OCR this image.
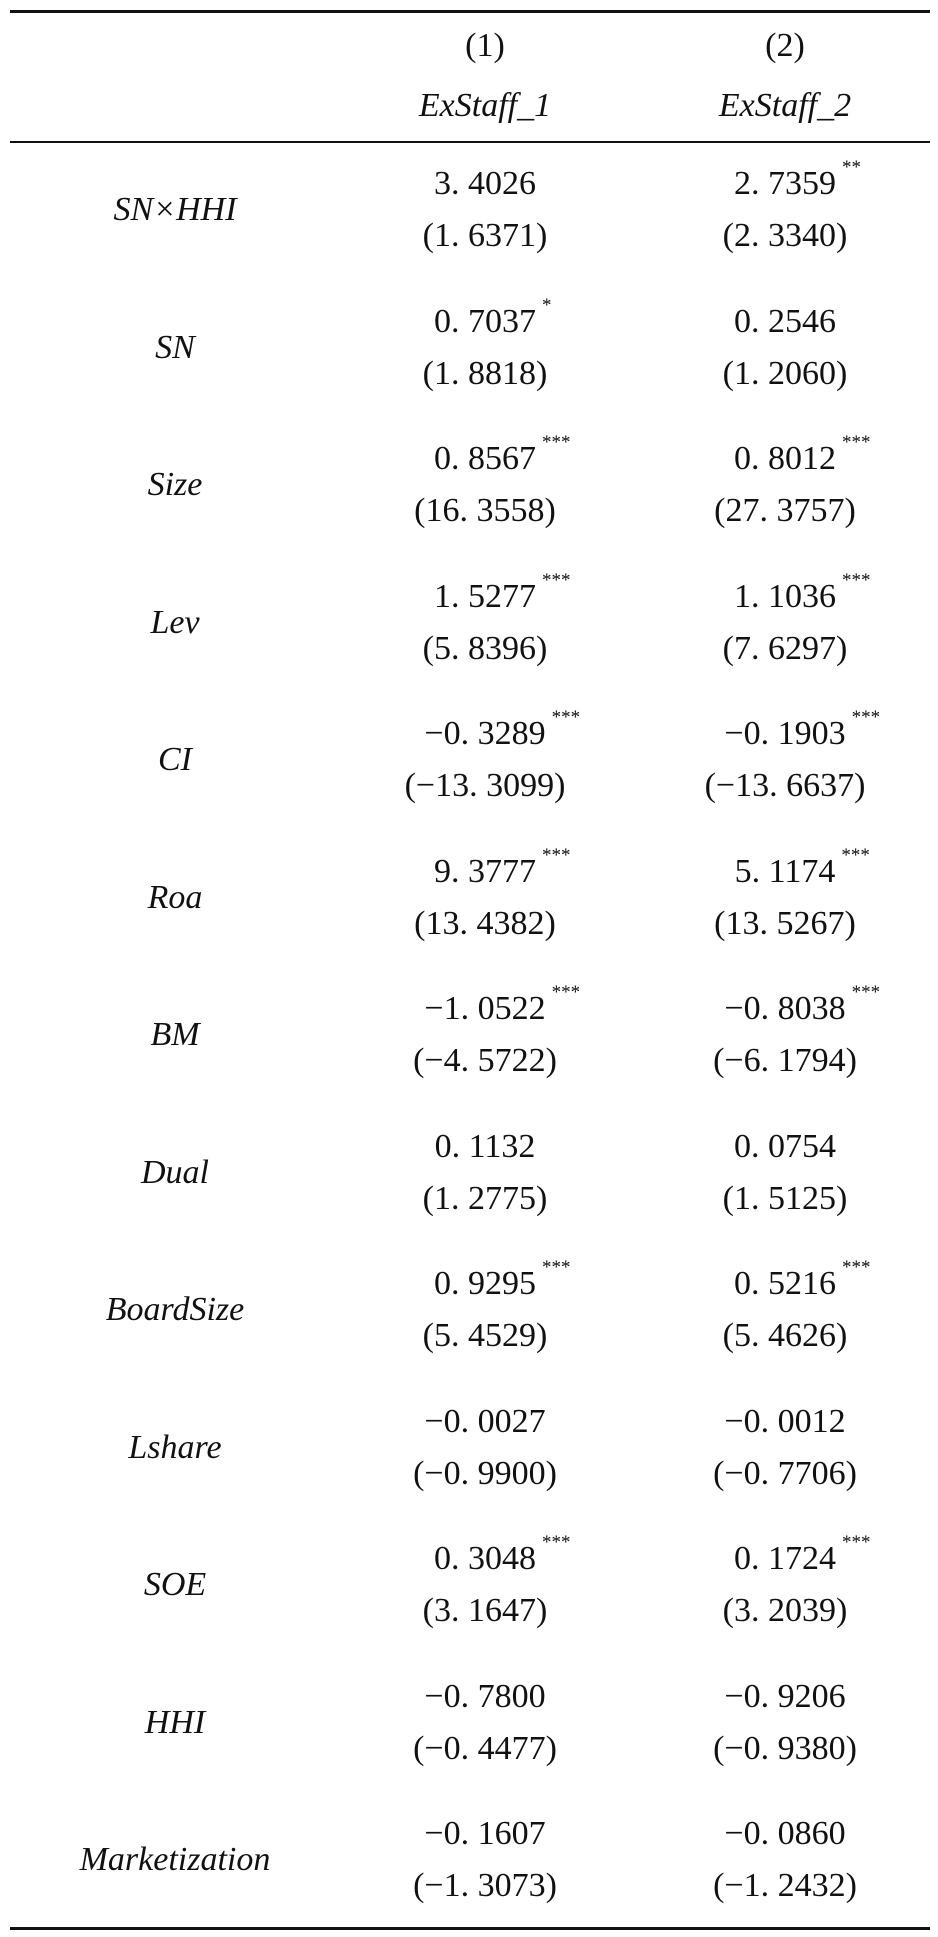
(1)	(2)
ExStaff_1	ExStaff_2
SN×HHI
3. 4026
(1. 6371)
2. 7359 **
(2. 3340)
SN
0. 7037 *
(1. 8818)
0. 2546
(1. 2060)
Size
0. 8567 ***
(16. 3558)
0. 8012 ***
(27. 3757)
Lev
1. 5277 ***
(5. 8396)
1. 1036 ***
(7. 6297)
CI
−0. 3289 ***
(−13. 3099)
−0. 1903 ***
(−13. 6637)
Roa
9. 3777 ***
(13. 4382)
5. 1174 ***
(13. 5267)
BM
−1. 0522 ***
(−4. 5722)
−0. 8038 ***
(−6. 1794)
Dual
0. 1132
(1. 2775)
0. 0754
(1. 5125)
BoardSize
0. 9295 ***
(5. 4529)
0. 5216 ***
(5. 4626)
Lshare
−0. 0027
(−0. 9900)
−0. 0012
(−0. 7706)
SOE
0. 3048 ***
(3. 1647)
0. 1724 ***
(3. 2039)
HHI
−0. 7800
(−0. 4477)
−0. 9206
(−0. 9380)
Marketization
−0. 1607
(−1. 3073)
−0. 0860
(−1. 2432)
